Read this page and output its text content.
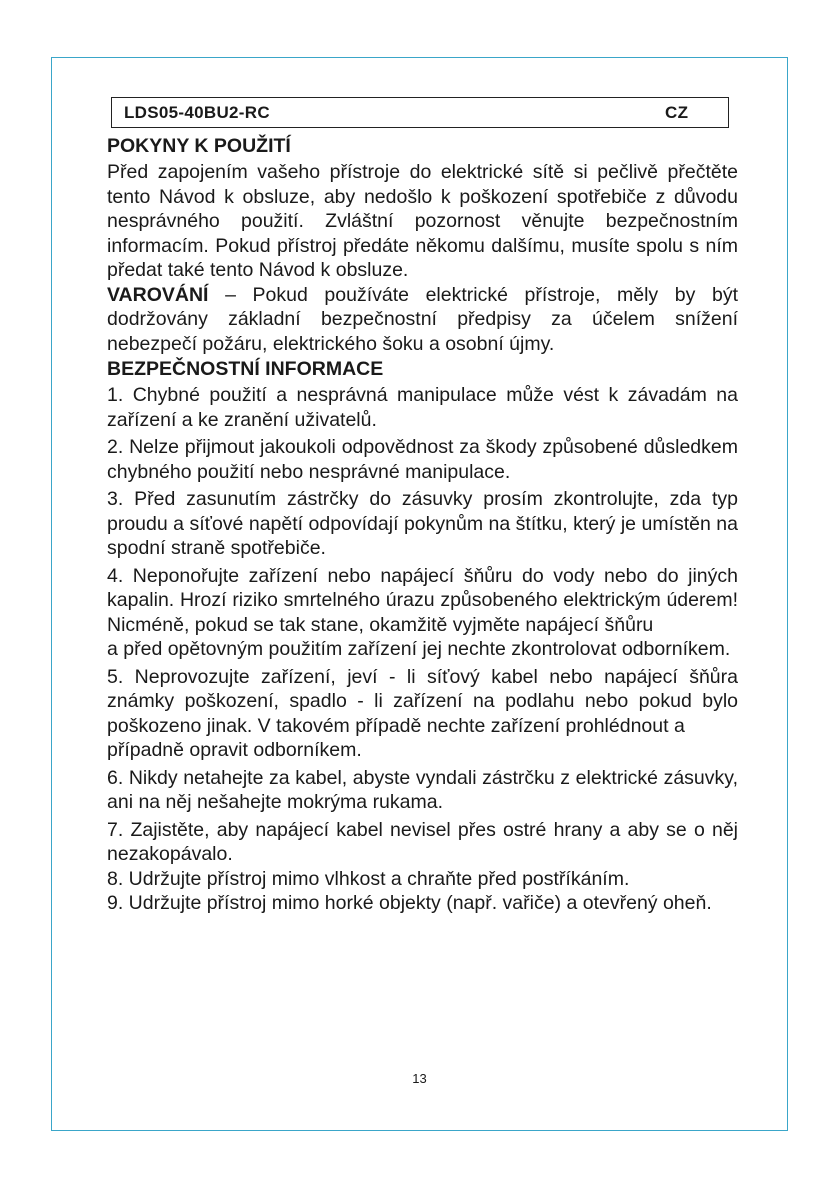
LDS05-40BU2-RC	CZ
POKYNY K POUŽITÍ

Před zapojením vašeho přístroje do elektrické sítě si pečlivě přečtěte tento Návod k obsluze, aby nedošlo k poškození spotřebiče z důvodu nesprávného použití. Zvláštní pozornost věnujte bezpečnostním informacím. Pokud přístroj předáte někomu dalšímu, musíte spolu s ním předat také tento Návod k obsluze.

VAROVÁNÍ – Pokud používáte elektrické přístroje, měly by být dodržovány základní bezpečnostní předpisy za účelem snížení nebezpečí požáru, elektrického šoku a osobní újmy.

BEZPEČNOSTNÍ INFORMACE

1. Chybné použití a nesprávná manipulace může vést k závadám na zařízení a ke zranění uživatelů.

2. Nelze přijmout jakoukoli odpovědnost za škody způsobené důsledkem chybného použití nebo nesprávné manipulace.

3. Před zasunutím zástrčky do zásuvky prosím zkontrolujte, zda typ proudu a síťové napětí odpovídají pokynům na štítku, který je umístěn na spodní straně spotřebiče.

4. Neponořujte zařízení nebo napájecí šňůru do vody nebo do jiných kapalin. Hrozí riziko smrtelného úrazu způsobeného elektrickým úderem! Nicméně, pokud se tak stane, okamžitě vyjměte napájecí šňůru

a před opětovným použitím zařízení jej nechte zkontrolovat odborníkem.

5. Neprovozujte zařízení, jeví - li síťový kabel nebo napájecí šňůra známky poškození, spadlo - li zařízení na podlahu nebo pokud bylo poškozeno jinak. V takovém případě nechte zařízení prohlédnout a

případně opravit odborníkem.

6. Nikdy netahejte za kabel, abyste vyndali zástrčku z elektrické zásuvky, ani na něj nešahejte mokrýma rukama.

7. Zajistěte, aby napájecí kabel nevisel přes ostré hrany a aby se o něj nezakopávalo.

8. Udržujte přístroj mimo vlhkost a chraňte před postříkáním.

9. Udržujte přístroj mimo horké objekty (např. vařiče) a otevřený oheň.

13
